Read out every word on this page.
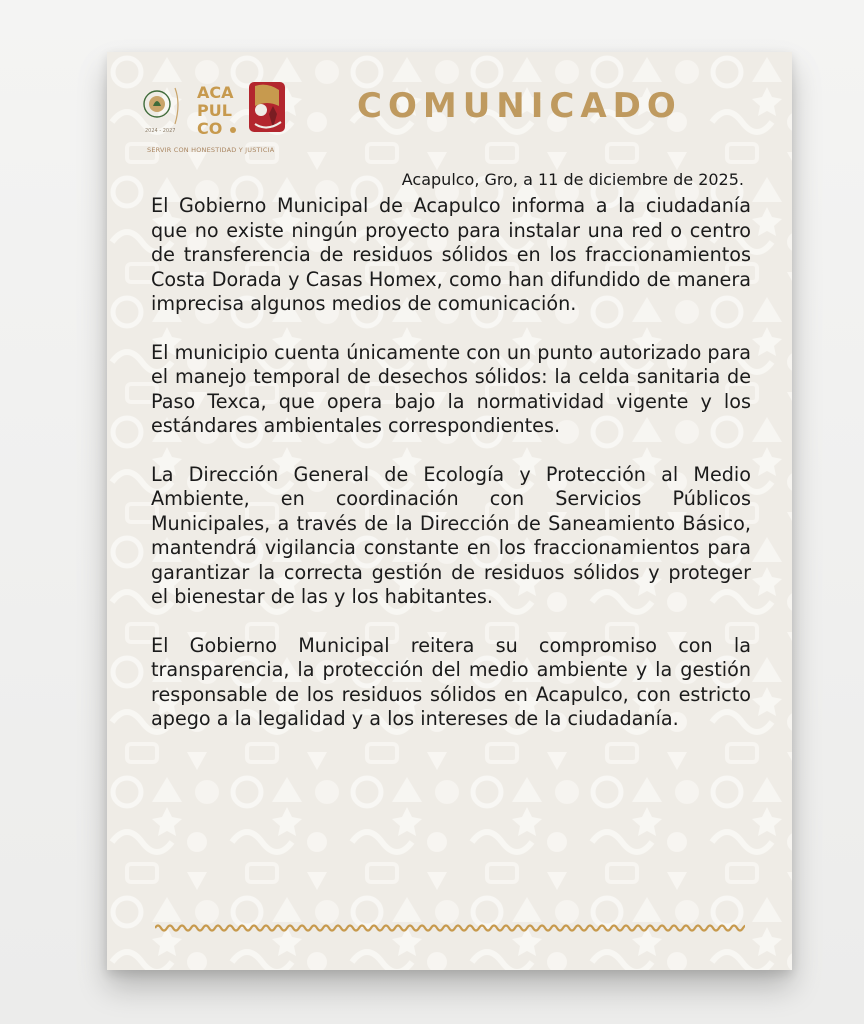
2024 - 2027
ACA
PUL
CO
SERVIR CON HONESTIDAD Y JUSTICIA
COMUNICADO
Acapulco, Gro, a 11 de diciembre de 2025.

El Gobierno Municipal de Acapulco informa a la ciudadanía que no existe ningún proyecto para instalar una red o centro de transferencia de residuos sólidos en los fraccionamientos Costa Dorada y Casas Homex, como han difundido de manera imprecisa algunos medios de comunicación.

El municipio cuenta únicamente con un punto autorizado para el manejo temporal de desechos sólidos: la celda sanitaria de Paso Texca, que opera bajo la normatividad vigente y los estándares ambientales correspondientes.

La Dirección General de Ecología y Protección al Medio Ambiente, en coordinación con Servicios Públicos Municipales, a través de la Dirección de Saneamiento Básico, mantendrá vigilancia constante en los fraccionamientos para garantizar la correcta gestión de residuos sólidos y proteger el bienestar de las y los habitantes.

El Gobierno Municipal reitera su compromiso con la transparencia, la protección del medio ambiente y la gestión responsable de los residuos sólidos en Acapulco, con estricto apego a la legalidad y a los intereses de la ciudadanía.
